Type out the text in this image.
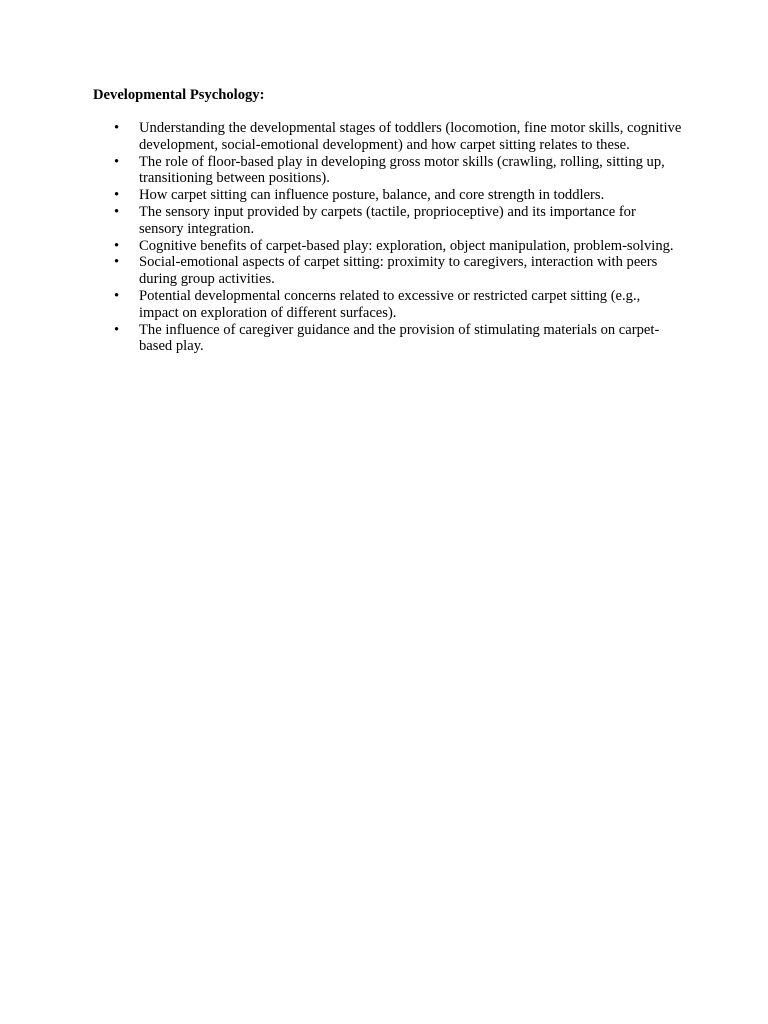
Developmental Psychology:

• Understanding the developmental stages of toddlers (locomotion, fine motor skills, cognitive development, social-emotional development) and how carpet sitting relates to these.
• The role of floor-based play in developing gross motor skills (crawling, rolling, sitting up, transitioning between positions).
• How carpet sitting can influence posture, balance, and core strength in toddlers.
• The sensory input provided by carpets (tactile, proprioceptive) and its importance for sensory integration.
• Cognitive benefits of carpet-based play: exploration, object manipulation, problem-solving.
• Social-emotional aspects of carpet sitting: proximity to caregivers, interaction with peers during group activities.
• Potential developmental concerns related to excessive or restricted carpet sitting (e.g., impact on exploration of different surfaces).
• The influence of caregiver guidance and the provision of stimulating materials on carpet-based play.
